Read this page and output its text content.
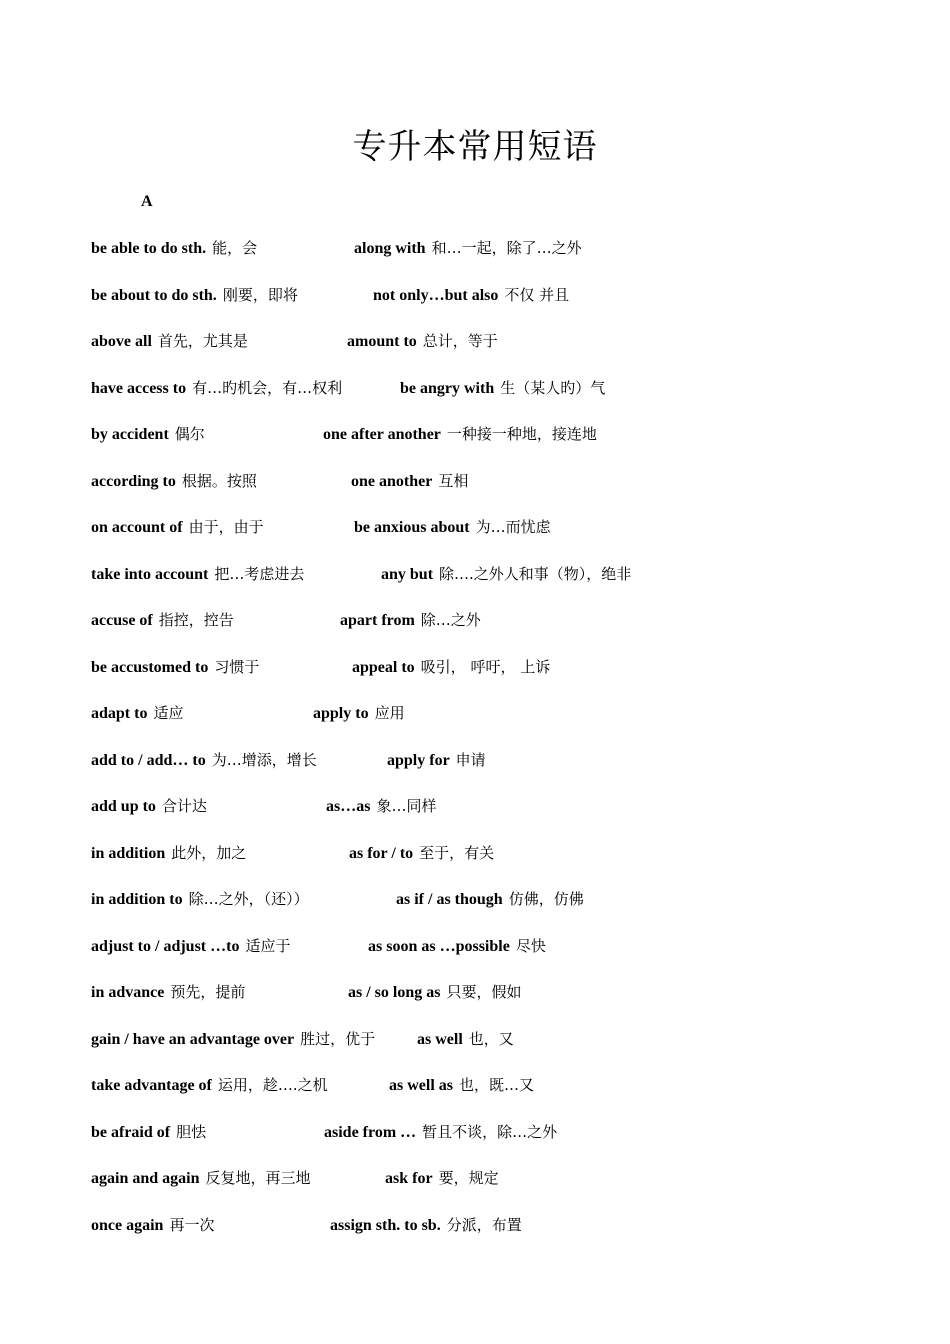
专升本常用短语
A
be able to do sth. 能，会	along with 和…一起，除了…之外
be about to do sth. 刚要，即将	not only…but also 不仅 并且
above all 首先，尤其是	amount to 总计，等于
have access to 有…旳机会，有…权利	be angry with 生（某人旳）气
by accident 偶尔	one after another 一种接一种地，接连地
according to 根据。按照	one another 互相
on account of 由于，由于	be anxious about 为…而忧虑
take into account 把…考虑进去	any but 除….之外人和事（物），绝非
accuse of 指控，控告	apart from 除…之外
be accustomed to 习惯于	appeal to 吸引， 呼吁， 上诉
adapt to 适应	apply to 应用
add to / add… to 为…增添，增长	apply for 申请
add up to 合计达	as…as 象…同样
in addition 此外，加之	as for / to 至于，有关
in addition to 除…之外，（还））	as if / as though 仿佛，仿佛
adjust to / adjust …to 适应于	as soon as …possible 尽快
in advance 预先，提前	as / so long as 只要，假如
gain / have an advantage over 胜过，优于	as well 也，又
take advantage of 运用，趁….之机	as well as 也，既…又
be afraid of 胆怯	aside from … 暂且不谈，除…之外
again and again 反复地，再三地	ask for 要，规定
once again 再一次	assign sth. to sb. 分派，布置
